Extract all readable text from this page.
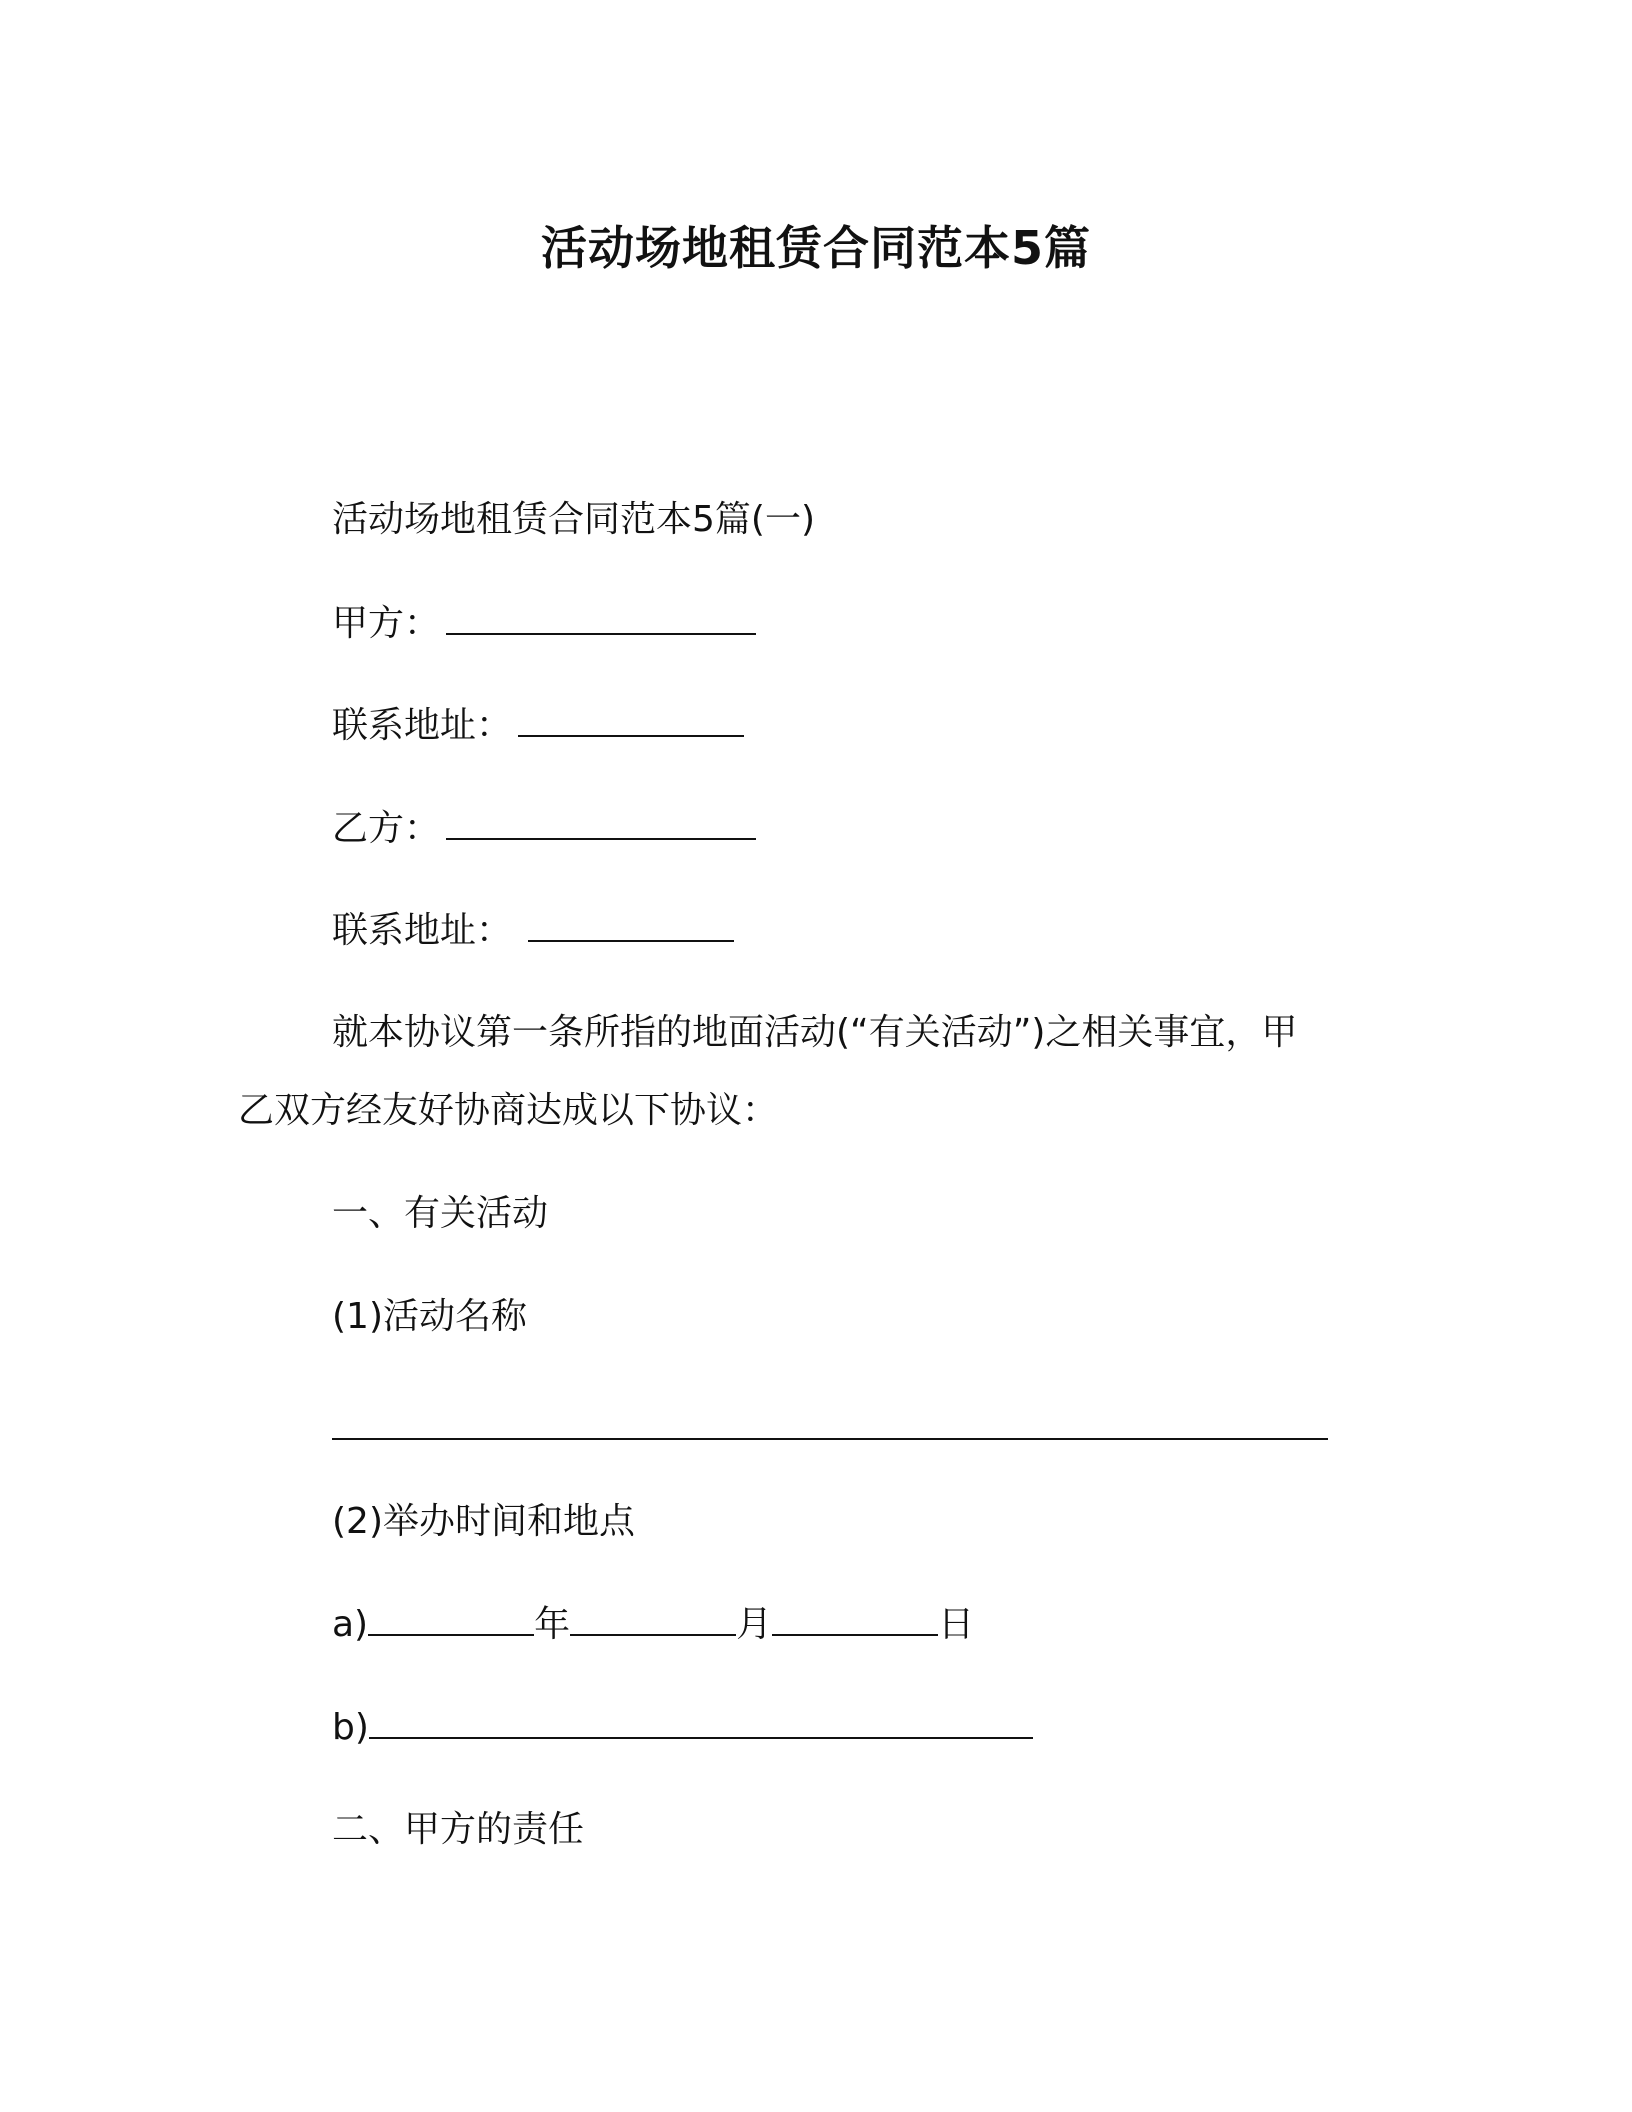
活动场地租赁合同范本5篇
活动场地租赁合同范本5篇(一)
甲方：
联系地址：
乙方：
联系地址：
就本协议第一条所指的地面活动(“有关活动”)之相关事宜，甲
乙双方经友好协商达成以下协议：
一、有关活动
(1)活动名称
(2)举办时间和地点
a)	年	月	日
b)
二、甲方的责任
